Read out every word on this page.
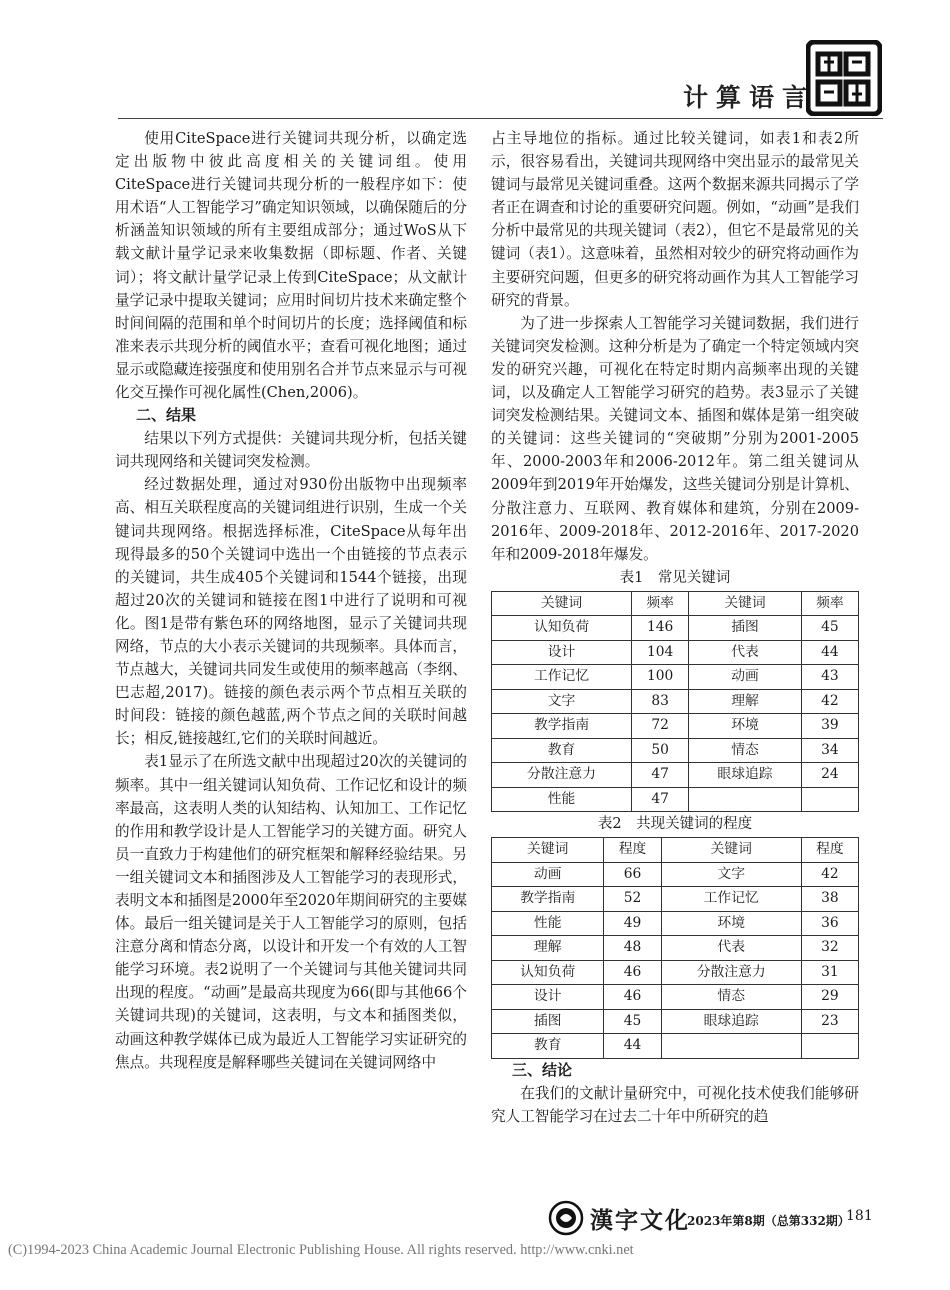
计算语言

使用CiteSpace进行关键词共现分析，以确定选定出版物中彼此高度相关的关键词组。使用CiteSpace进行关键词共现分析的一般程序如下：使用术语“人工智能学习”确定知识领域，以确保随后的分析涵盖知识领域的所有主要组成部分；通过WoS从下载文献计量学记录来收集数据（即标题、作者、关键词）；将文献计量学记录上传到CiteSpace；从文献计量学记录中提取关键词；应用时间切片技术来确定整个时间间隔的范围和单个时间切片的长度；选择阈值和标准来表示共现分析的阈值水平；查看可视化地图；通过显示或隐藏连接强度和使用别名合并节点来显示与可视化交互操作可视化属性(Chen,2006)。

二、结果

结果以下列方式提供：关键词共现分析，包括关键词共现网络和关键词突发检测。

经过数据处理，通过对930份出版物中出现频率高、相互关联程度高的关键词组进行识别，生成一个关键词共现网络。根据选择标准，CiteSpace从每年出现得最多的50个关键词中选出一个由链接的节点表示的关键词，共生成405个关键词和1544个链接，出现超过20次的关键词和链接在图1中进行了说明和可视化。图1是带有紫色环的网络地图，显示了关键词共现网络，节点的大小表示关键词的共现频率。具体而言，节点越大，关键词共同发生或使用的频率越高（李纲、巴志超,2017)。链接的颜色表示两个节点相互关联的时间段：链接的颜色越蓝,两个节点之间的关联时间越长；相反,链接越红,它们的关联时间越近。

表1显示了在所选文献中出现超过20次的关键词的频率。其中一组关键词认知负荷、工作记忆和设计的频率最高，这表明人类的认知结构、认知加工、工作记忆的作用和教学设计是人工智能学习的关键方面。研究人员一直致力于构建他们的研究框架和解释经验结果。另一组关键词文本和插图涉及人工智能学习的表现形式，表明文本和插图是2000年至2020年期间研究的主要媒体。最后一组关键词是关于人工智能学习的原则，包括注意分离和情态分离，以设计和开发一个有效的人工智能学习环境。表2说明了一个关键词与其他关键词共同出现的程度。“动画”是最高共现度为66(即与其他66个关键词共现)的关键词，这表明，与文本和插图类似，动画这种教学媒体已成为最近人工智能学习实证研究的焦点。共现程度是解释哪些关键词在关键词网络中

占主导地位的指标。通过比较关键词，如表1和表2所示，很容易看出，关键词共现网络中突出显示的最常见关键词与最常见关键词重叠。这两个数据来源共同揭示了学者正在调查和讨论的重要研究问题。例如，“动画”是我们分析中最常见的共现关键词（表2），但它不是最常见的关键词（表1）。这意味着，虽然相对较少的研究将动画作为主要研究问题，但更多的研究将动画作为其人工智能学习研究的背景。

为了进一步探索人工智能学习关键词数据，我们进行关键词突发检测。这种分析是为了确定一个特定领域内突发的研究兴趣，可视化在特定时期内高频率出现的关键词，以及确定人工智能学习研究的趋势。表3显示了关键词突发检测结果。关键词文本、插图和媒体是第一组突破的关键词：这些关键词的“突破期”分别为2001-2005年、2000-2003年和2006-2012年。第二组关键词从2009年到2019年开始爆发，这些关键词分别是计算机、分散注意力、互联网、教育媒体和建筑，分别在2009-2016年、2009-2018年、2012-2016年、2017-2020年和2009-2018年爆发。

表1　常见关键词
关键词	频率	关键词	频率
认知负荷	146	插图	45
设计	104	代表	44
工作记忆	100	动画	43
文字	83	理解	42
教学指南	72	环境	39
教育	50	情态	34
分散注意力	47	眼球追踪	24
性能	47		
表2　共现关键词的程度
关键词	程度	关键词	程度
动画	66	文字	42
教学指南	52	工作记忆	38
性能	49	环境	36
理解	48	代表	32
认知负荷	46	分散注意力	31
设计	46	情态	29
插图	45	眼球追踪	23
教育	44		
三、结论

在我们的文献计量研究中，可视化技术使我们能够研究人工智能学习在过去二十年中所研究的趋

漢字文化
2023年第8期（总第332期）
181
(C)1994-2023 China Academic Journal Electronic Publishing House. All rights reserved. http://www.cnki.net
